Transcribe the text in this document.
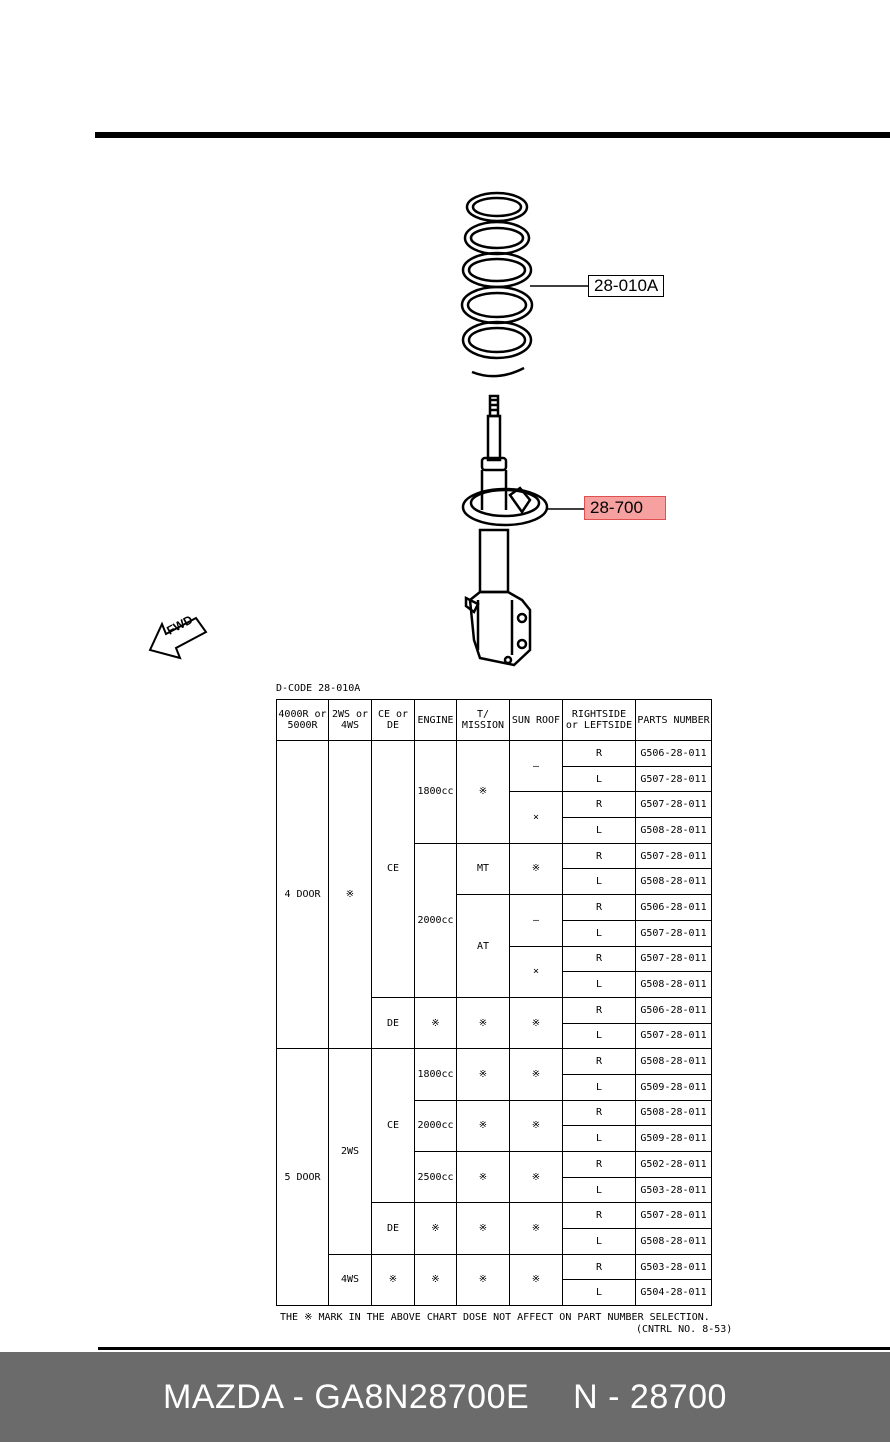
28-010A
28-700
FWD
D-CODE 28-010A
4000R or 5000R	2WS or 4WS	CE or DE	ENGINE	T/ MISSION	SUN ROOF	RIGHTSIDE or LEFTSIDE	PARTS NUMBER
4 DOOR	※	CE	1800cc	※	–	R	G506-28-011
						L	G507-28-011
					×	R	G507-28-011
						L	G508-28-011
			2000cc	MT	※	R	G507-28-011
						L	G508-28-011
				AT	–	R	G506-28-011
						L	G507-28-011
					×	R	G507-28-011
						L	G508-28-011
		DE	※	※	※	R	G506-28-011
						L	G507-28-011
5 DOOR	2WS	CE	1800cc	※	※	R	G508-28-011
						L	G509-28-011
			2000cc	※	※	R	G508-28-011
						L	G509-28-011
			2500cc	※	※	R	G502-28-011
						L	G503-28-011
		DE	※	※	※	R	G507-28-011
						L	G508-28-011
	4WS	※	※	※	※	R	G503-28-011
						L	G504-28-011
THE ※ MARK IN THE ABOVE CHART DOSE NOT AFFECT ON PART NUMBER SELECTION.
(CNTRL NO. 8-53)
MAZDA - GA8N28700E N - 28700
